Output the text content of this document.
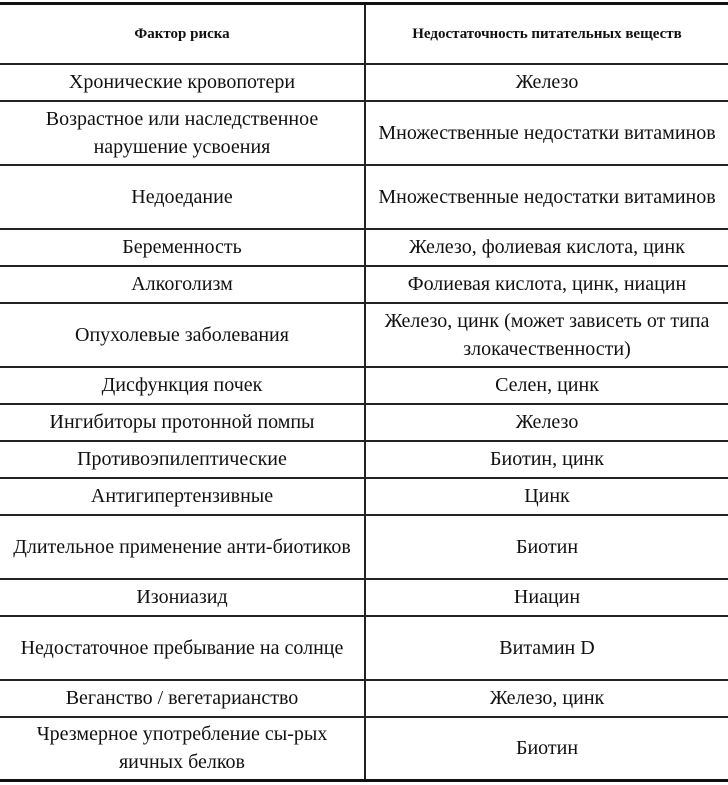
Фактор риска	Недостаточность питательных веществ
Хронические кровопотери	Железо
Возрастное или наследственное нарушение усвоения	Множественные недостатки витаминов
Недоедание	Множественные недостатки витаминов
Беременность	Железо, фолиевая кислота, цинк
Алкоголизм	Фолиевая кислота, цинк, ниацин
Опухолевые заболевания	Железо, цинк (может зависеть от типа злокачественности)
Дисфункция почек	Селен, цинк
Ингибиторы протонной помпы	Железо
Противоэпилептические	Биотин, цинк
Антигипертензивные	Цинк
Длительное применение анти-биотиков	Биотин
Изониазид	Ниацин
Недостаточное пребывание на солнце	Витамин D
Веганство / вегетарианство	Железо, цинк
Чрезмерное употребление сы-рых яичных белков	Биотин
